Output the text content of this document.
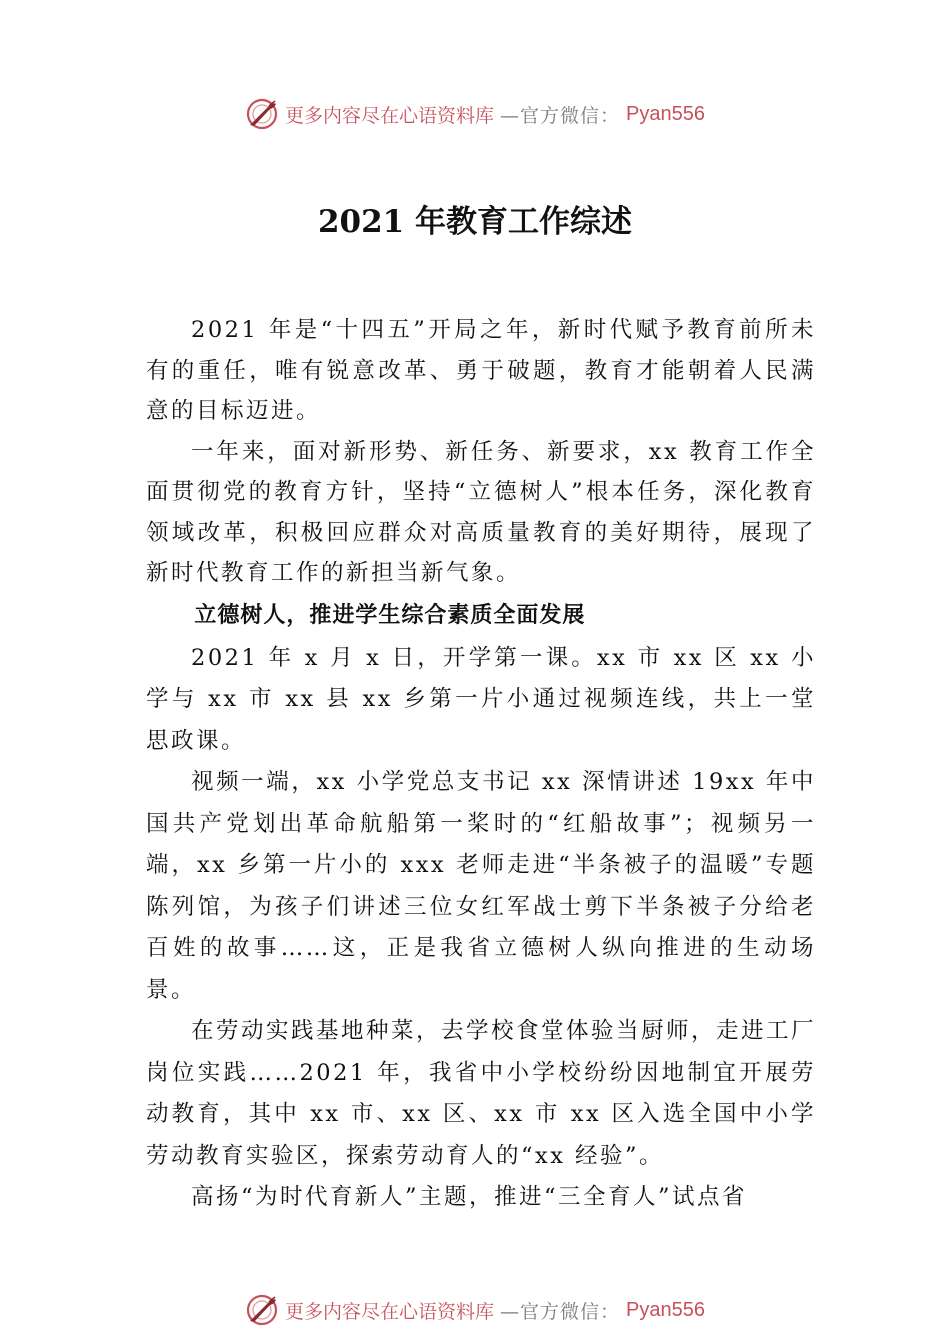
更多内容尽在心语资料库 —官方微信： Pyan556
2021 年教育工作综述

2021 年是“十四五”开局之年，新时代赋予教育前所未有的重任，唯有锐意改革、勇于破题，教育才能朝着人民满意的目标迈进。

一年来，面对新形势、新任务、新要求，xx 教育工作全面贯彻党的教育方针，坚持“立德树人”根本任务，深化教育领域改革，积极回应群众对高质量教育的美好期待，展现了新时代教育工作的新担当新气象。

立德树人，推进学生综合素质全面发展

2021 年 x 月 x 日，开学第一课。xx 市 xx 区 xx 小学与 xx 市 xx 县 xx 乡第一片小通过视频连线，共上一堂思政课。

视频一端，xx 小学党总支书记 xx 深情讲述 19xx 年中国共产党划出革命航船第一桨时的“红船故事”；视频另一端，xx 乡第一片小的 xxx 老师走进“半条被子的温暖”专题陈列馆，为孩子们讲述三位女红军战士剪下半条被子分给老百姓的故事……这，正是我省立德树人纵向推进的生动场景。

在劳动实践基地种菜，去学校食堂体验当厨师，走进工厂岗位实践……2021 年，我省中小学校纷纷因地制宜开展劳动教育，其中 xx 市、xx 区、xx 市 xx 区入选全国中小学劳动教育实验区，探索劳动育人的“xx 经验”。

高扬“为时代育新人”主题，推进“三全育人”试点省

更多内容尽在心语资料库 —官方微信： Pyan556
